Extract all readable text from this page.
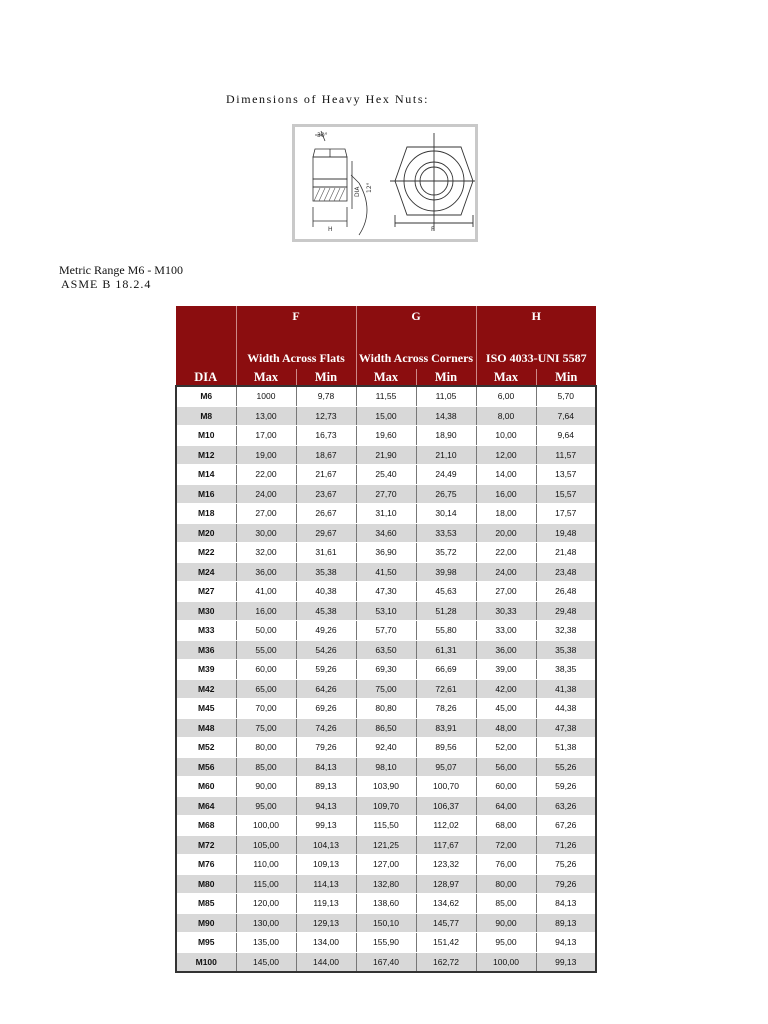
Dimensions of Heavy Hex Nuts:
30°
DIA 12°
H	F
Metric Range M6 - M100
ASME B 18.2.4
	F		G		H	
	Width Across Flats		Width Across Corners		ISO 4033-UNI 5587	
DIA	Max	Min	Max	Min	Max	Min
M6	1000	9,78	11,55	11,05	6,00	5,70
M8	13,00	12,73	15,00	14,38	8,00	7,64
M10	17,00	16,73	19,60	18,90	10,00	9,64
M12	19,00	18,67	21,90	21,10	12,00	11,57
M14	22,00	21,67	25,40	24,49	14,00	13,57
M16	24,00	23,67	27,70	26,75	16,00	15,57
M18	27,00	26,67	31,10	30,14	18,00	17,57
M20	30,00	29,67	34,60	33,53	20,00	19,48
M22	32,00	31,61	36,90	35,72	22,00	21,48
M24	36,00	35,38	41,50	39,98	24,00	23,48
M27	41,00	40,38	47,30	45,63	27,00	26,48
M30	16,00	45,38	53,10	51,28	30,33	29,48
M33	50,00	49,26	57,70	55,80	33,00	32,38
M36	55,00	54,26	63,50	61,31	36,00	35,38
M39	60,00	59,26	69,30	66,69	39,00	38,35
M42	65,00	64,26	75,00	72,61	42,00	41,38
M45	70,00	69,26	80,80	78,26	45,00	44,38
M48	75,00	74,26	86,50	83,91	48,00	47,38
M52	80,00	79,26	92,40	89,56	52,00	51,38
M56	85,00	84,13	98,10	95,07	56,00	55,26
M60	90,00	89,13	103,90	100,70	60,00	59,26
M64	95,00	94,13	109,70	106,37	64,00	63,26
M68	100,00	99,13	115,50	112,02	68,00	67,26
M72	105,00	104,13	121,25	117,67	72,00	71,26
M76	110,00	109,13	127,00	123,32	76,00	75,26
M80	115,00	114,13	132,80	128,97	80,00	79,26
M85	120,00	119,13	138,60	134,62	85,00	84,13
M90	130,00	129,13	150,10	145,77	90,00	89,13
M95	135,00	134,00	155,90	151,42	95,00	94,13
M100	145,00	144,00	167,40	162,72	100,00	99,13
